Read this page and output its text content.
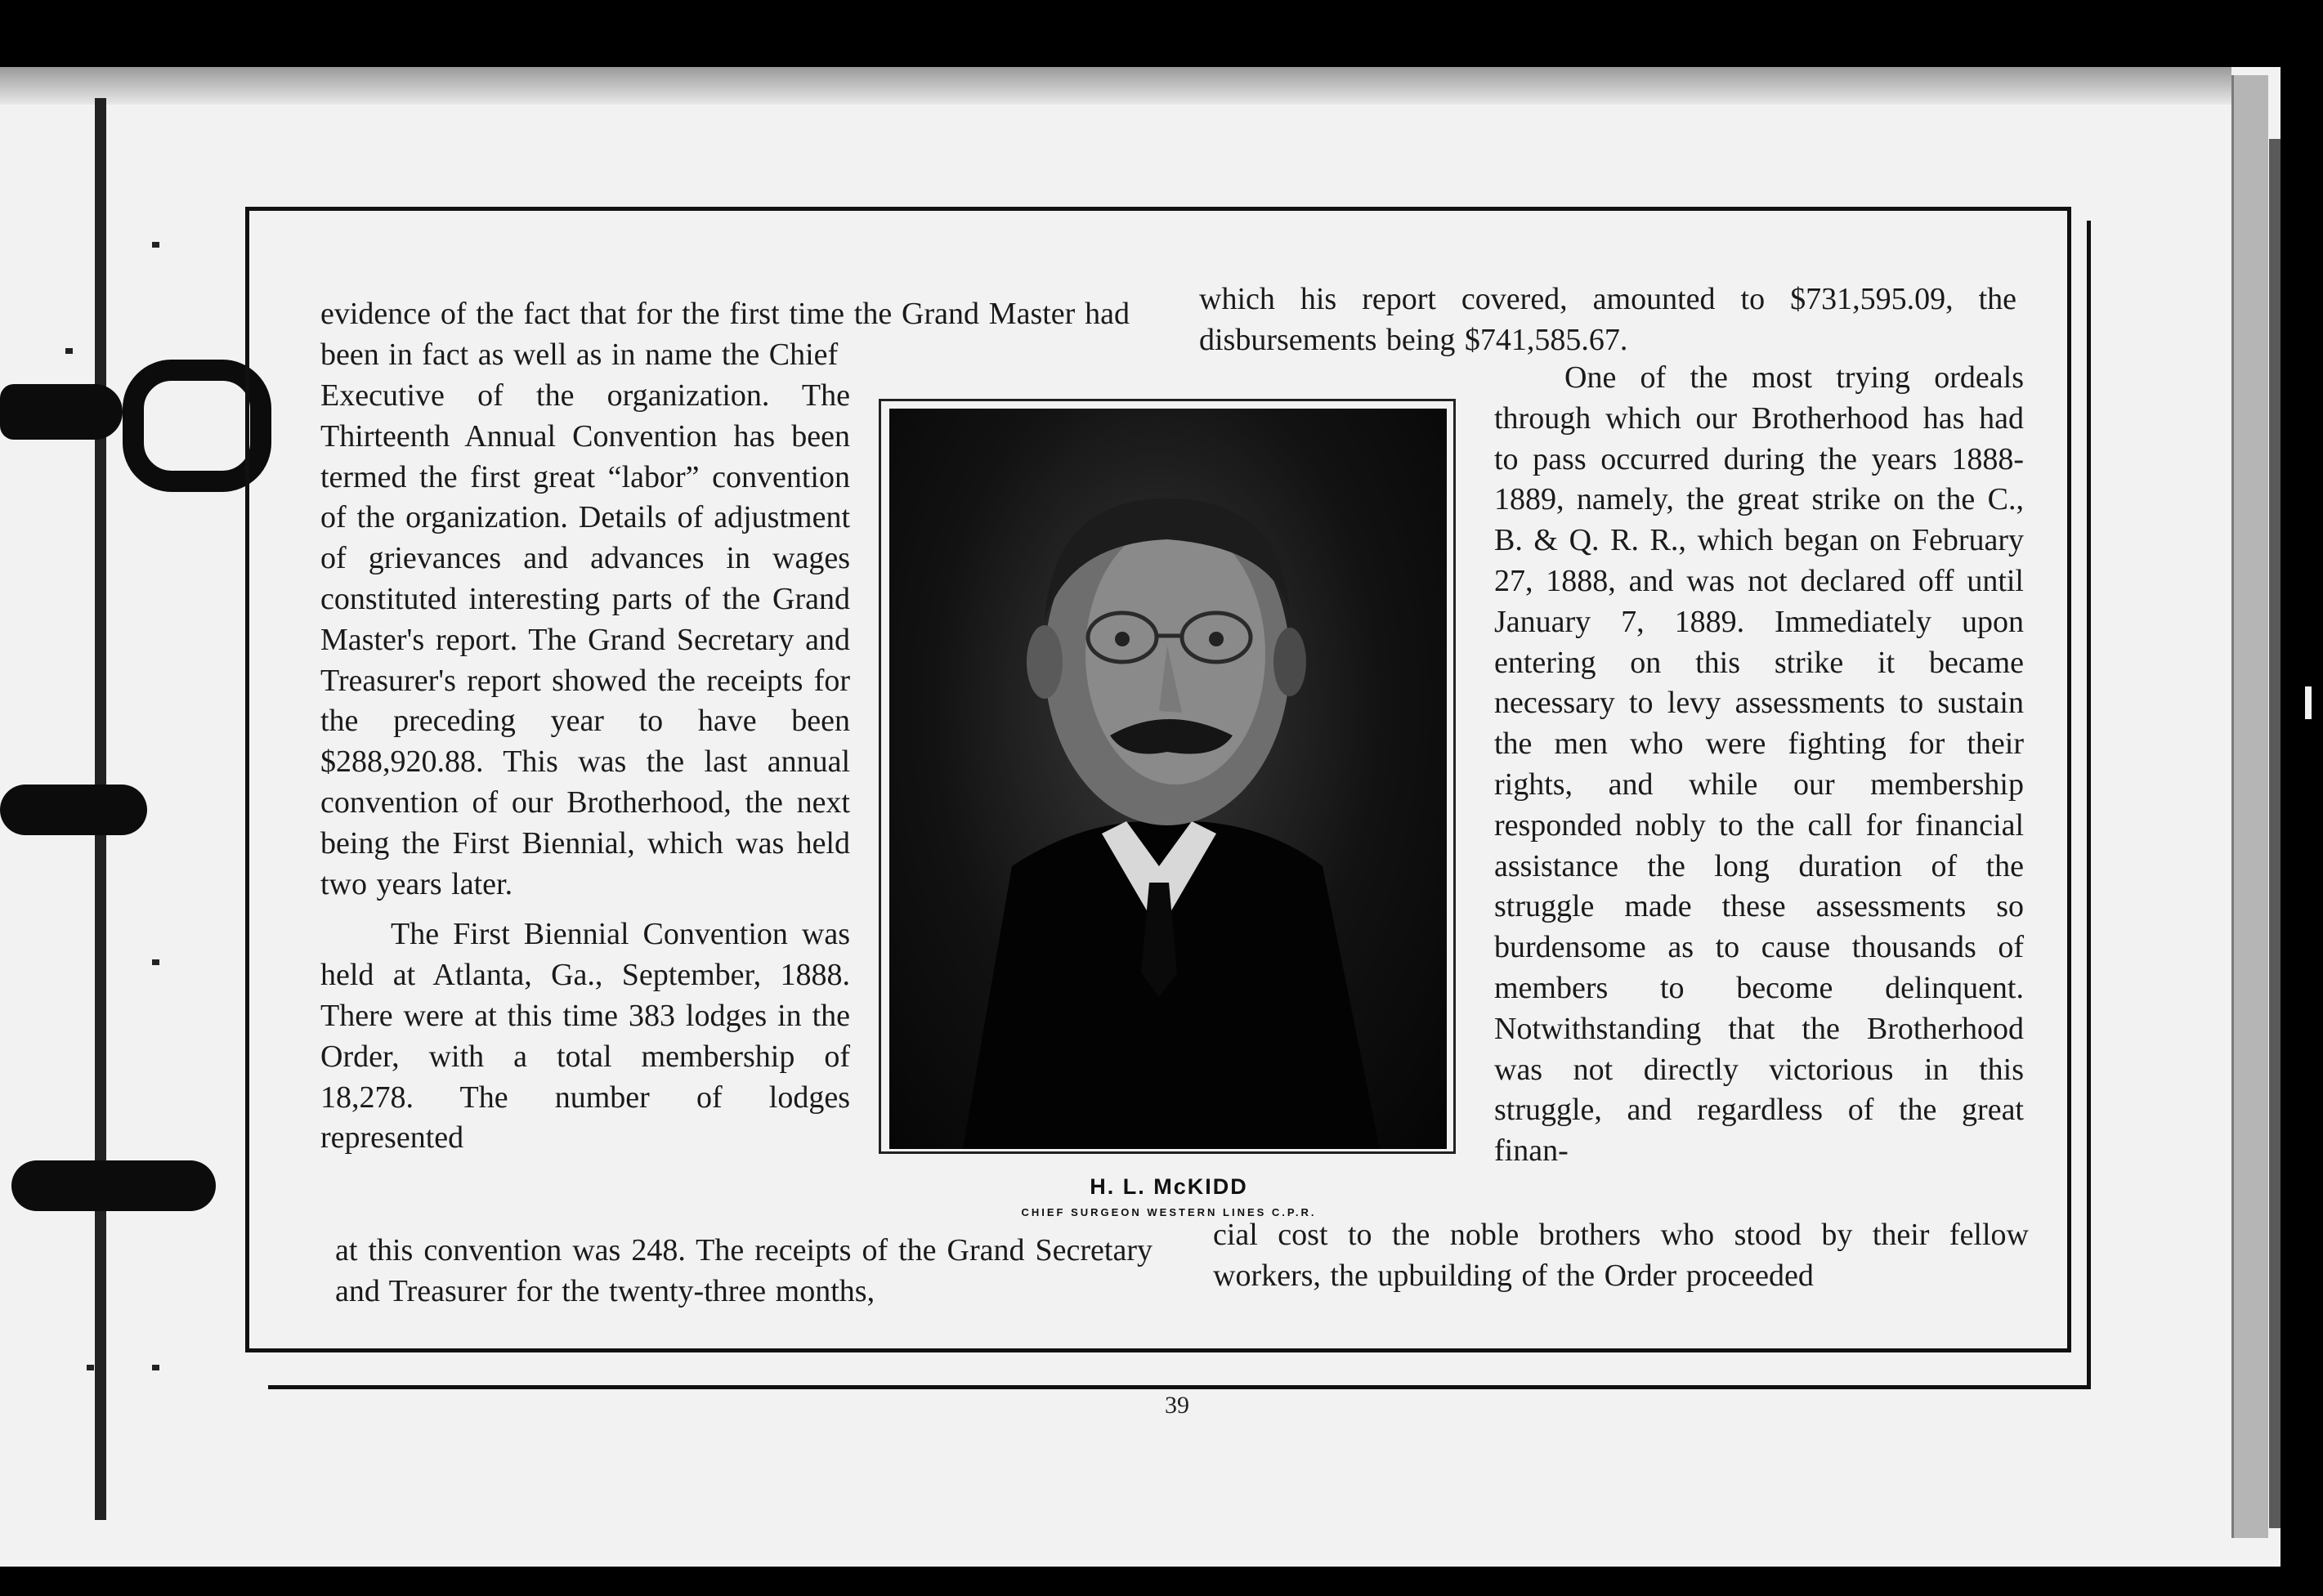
evidence of the fact that for the first time the Grand Master had been in fact as well as in name the Chief

Executive of the organization. The Thirteenth Annual Convention has been termed the first great “labor” convention of the organization. Details of adjustment of grievances and advances in wages constituted interesting parts of the Grand Master's report. The Grand Secretary and Treasurer's report showed the receipts for the preceding year to have been $288,920.88. This was the last annual convention of our Brotherhood, the next being the First Biennial, which was held two years later.

The First Biennial Convention was held at Atlanta, Ga., September, 1888. There were at this time 383 lodges in the Order, with a total membership of 18,278. The number of lodges represented

at this convention was 248. The receipts of the Grand Secretary and Treasurer for the twenty-three months,

which his report covered, amounted to $731,595.09, the disbursements being $741,585.67.

One of the most trying ordeals through which our Brotherhood has had to pass occurred during the years 1888-1889, namely, the great strike on the C., B. & Q. R. R., which began on February 27, 1888, and was not declared off until January 7, 1889. Immediately upon entering on this strike it became necessary to levy assessments to sustain the men who were fighting for their rights, and while our membership responded nobly to the call for financial assistance the long duration of the struggle made these assessments so burdensome as to cause thousands of members to become delinquent. Notwithstanding that the Brotherhood was not directly victorious in this struggle, and regardless of the great finan-

cial cost to the noble brothers who stood by their fellow workers, the upbuilding of the Order proceeded

H. L. McKIDD
CHIEF SURGEON WESTERN LINES C.P.R.
39
